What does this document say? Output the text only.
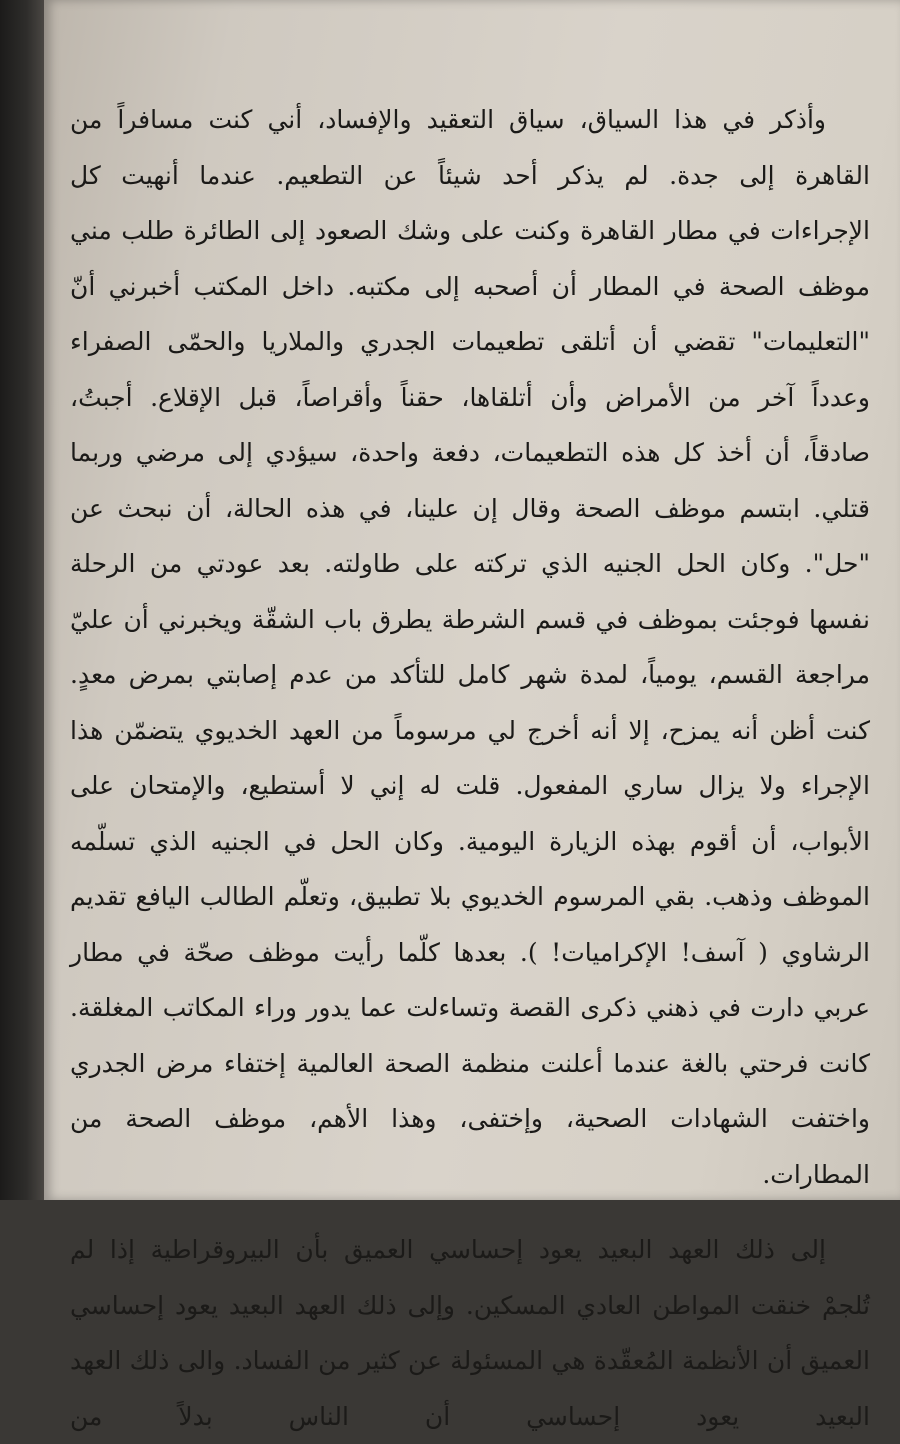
وأذكر في هذا السياق، سياق التعقيد والإفساد، أني كنت مسافراً من
القاهرة إلى جدة. لم يذكر أحد شيئاً عن التطعيم. عندما أنهيت كل
الإجراءات في مطار القاهرة وكنت على وشك الصعود إلى الطائرة طلب مني
موظف الصحة في المطار أن أصحبه إلى مكتبه. داخل المكتب أخبرني أنّ
"التعليمات" تقضي أن أتلقى تطعيمات الجدري والملاريا والحمّى الصفراء
وعدداً آخر من الأمراض وأن أتلقاها، حقناً وأقراصاً، قبل الإقلاع. أجبتُ،
صادقاً، أن أخذ كل هذه التطعيمات، دفعة واحدة، سيؤدي إلى مرضي وربما
قتلي. ابتسم موظف الصحة وقال إن علينا، في هذه الحالة، أن نبحث عن
"حل". وكان الحل الجنيه الذي تركته على طاولته. بعد عودتي من الرحلة
نفسها فوجئت بموظف في قسم الشرطة يطرق باب الشقّة ويخبرني أن عليّ
مراجعة القسم، يومياً، لمدة شهر كامل للتأكد من عدم إصابتي بمرض معدٍ.
كنت أظن أنه يمزح، إلا أنه أخرج لي مرسوماً من العهد الخديوي يتضمّن هذا
الإجراء ولا يزال ساري المفعول. قلت له إني لا أستطيع، والإمتحان على
الأبواب، أن أقوم بهذه الزيارة اليومية. وكان الحل في الجنيه الذي تسلّمه
الموظف وذهب. بقي المرسوم الخديوي بلا تطبيق، وتعلّم الطالب اليافع تقديم
الرشاوي ( آسف! الإكراميات! ). بعدها كلّما رأيت موظف صحّة في مطار
عربي دارت في ذهني ذكرى القصة وتساءلت عما يدور وراء المكاتب المغلقة.
كانت فرحتي بالغة عندما أعلنت منظمة الصحة العالمية إختفاء مرض الجدري
واختفت الشهادات الصحية، وإختفى، وهذا الأهم، موظف الصحة من
المطارات.
إلى ذلك العهد البعيد يعود إحساسي العميق بأن البيروقراطية إذا لم
تُلجمْ خنقت المواطن العادي المسكين. وإلى ذلك العهد البعيد يعود إحساسي
العميق أن الأنظمة المُعقّدة هي المسئولة عن كثير من الفساد. والى ذلك العهد
البعيد يعود إحساسي أن الناس بدلاً من
